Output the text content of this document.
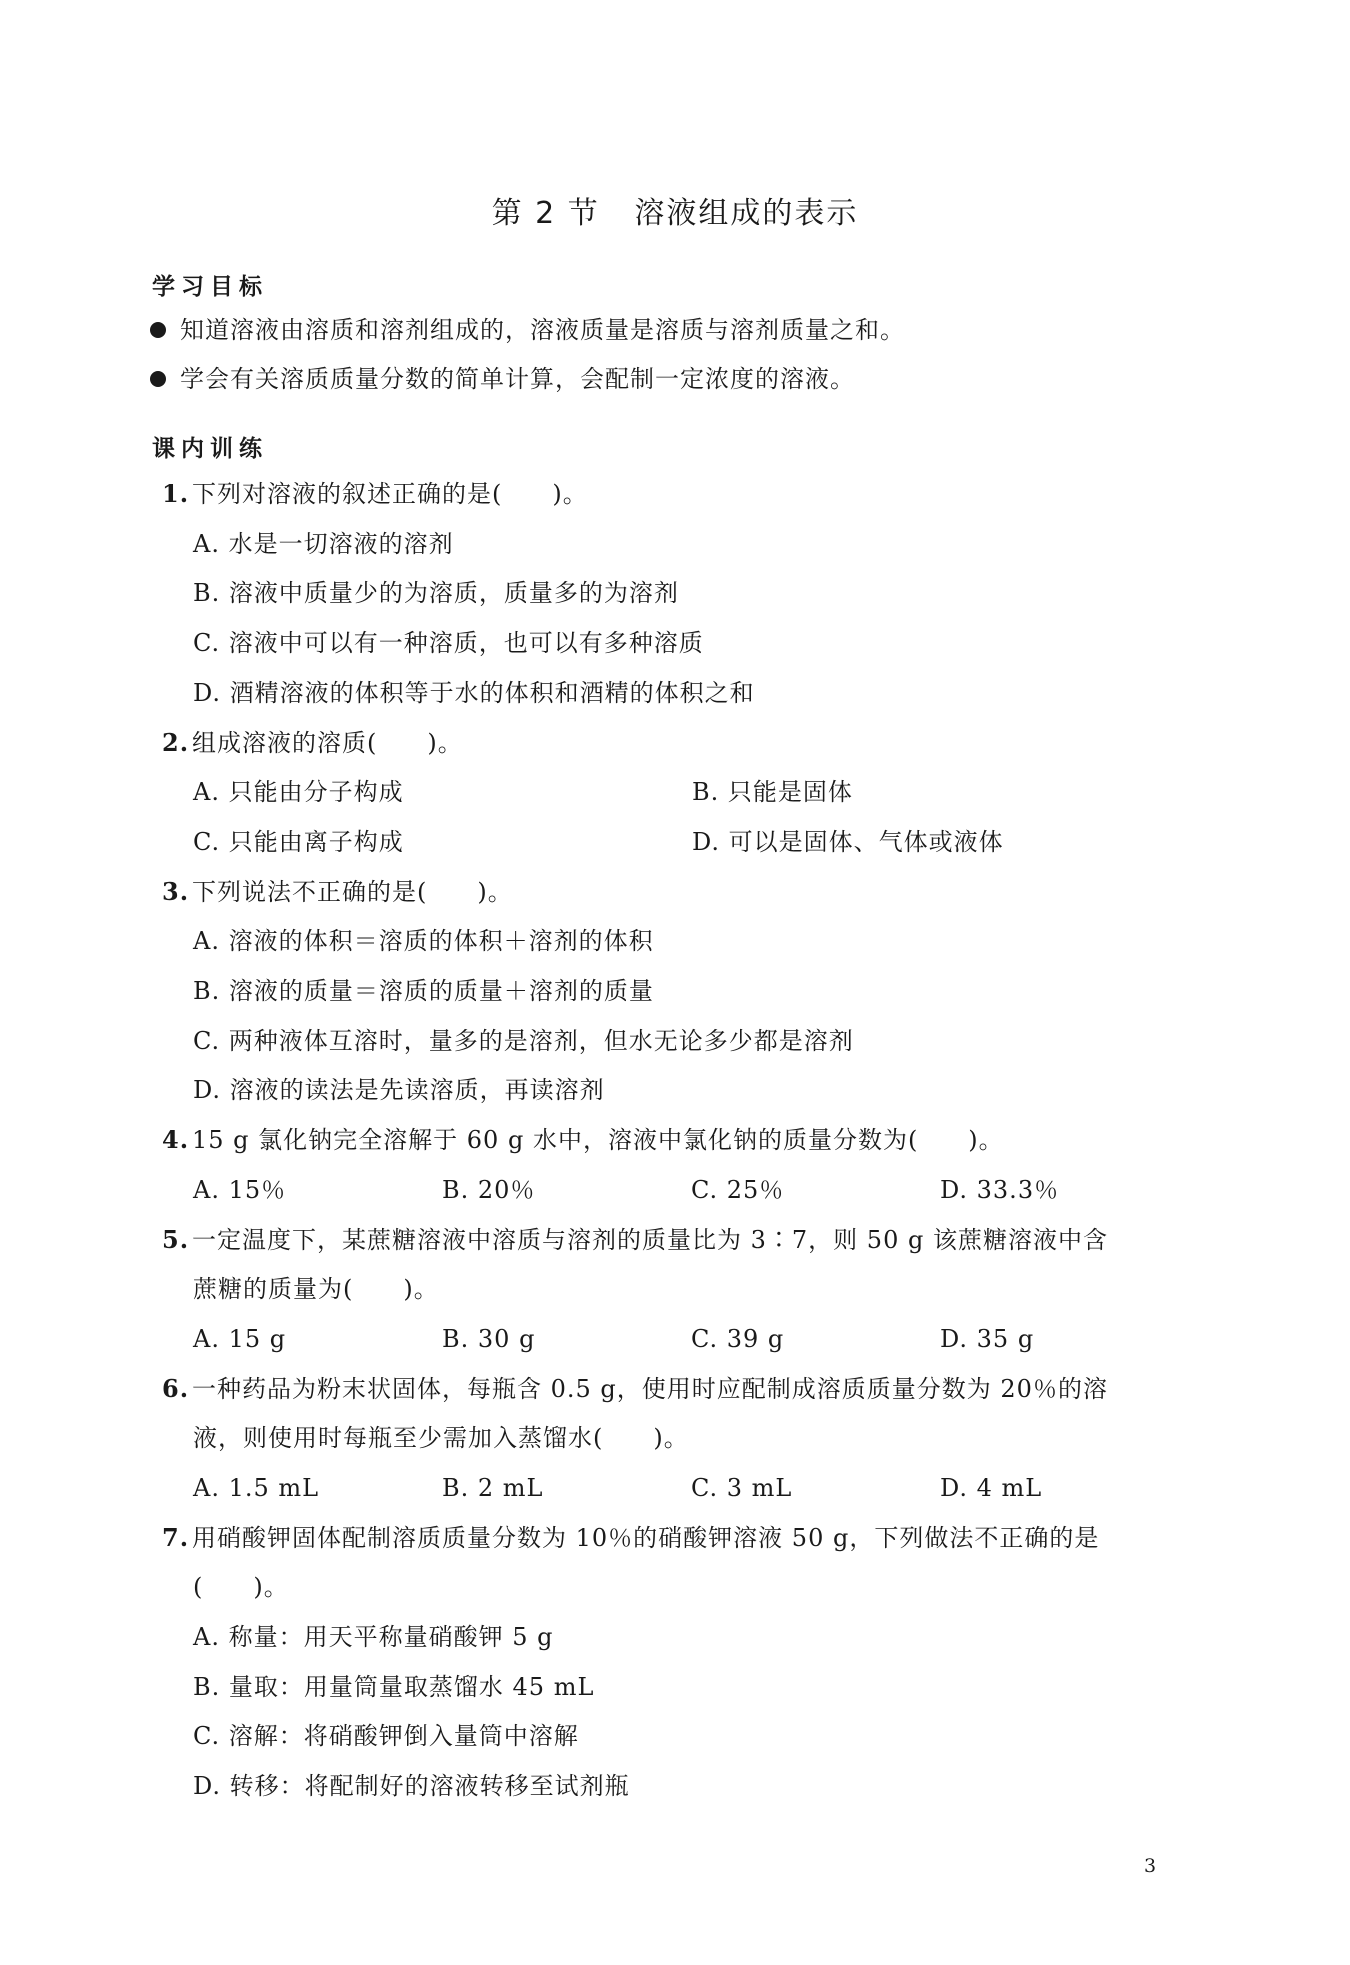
第 2 节   溶液组成的表示
学习目标
知道溶液由溶质和溶剂组成的，溶液质量是溶质与溶剂质量之和。
学会有关溶质质量分数的简单计算，会配制一定浓度的溶液。
课内训练
1. 下列对溶液的叙述正确的是(　　)。
A. 水是一切溶液的溶剂
B. 溶液中质量少的为溶质，质量多的为溶剂
C. 溶液中可以有一种溶质，也可以有多种溶质
D. 酒精溶液的体积等于水的体积和酒精的体积之和
2. 组成溶液的溶质(　　)。
A. 只能由分子构成	B. 只能是固体
C. 只能由离子构成	D. 可以是固体、气体或液体
3. 下列说法不正确的是(　　)。
A. 溶液的体积＝溶质的体积＋溶剂的体积
B. 溶液的质量＝溶质的质量＋溶剂的质量
C. 两种液体互溶时，量多的是溶剂，但水无论多少都是溶剂
D. 溶液的读法是先读溶质，再读溶剂
4. 15 g 氯化钠完全溶解于 60 g 水中，溶液中氯化钠的质量分数为(　　)。
A. 15％	B. 20％	C. 25％	D. 33.3％
5. 一定温度下，某蔗糖溶液中溶质与溶剂的质量比为 3∶7，则 50 g 该蔗糖溶液中含
蔗糖的质量为(　　)。
A. 15 g	B. 30 g	C. 39 g	D. 35 g
6. 一种药品为粉末状固体，每瓶含 0.5 g，使用时应配制成溶质质量分数为 20％的溶
液，则使用时每瓶至少需加入蒸馏水(　　)。
A. 1.5 mL	B. 2 mL	C. 3 mL	D. 4 mL
7. 用硝酸钾固体配制溶质质量分数为 10％的硝酸钾溶液 50 g，下列做法不正确的是
(　　)。
A. 称量：用天平称量硝酸钾 5 g
B. 量取：用量筒量取蒸馏水 45 mL
C. 溶解：将硝酸钾倒入量筒中溶解
D. 转移：将配制好的溶液转移至试剂瓶
3
